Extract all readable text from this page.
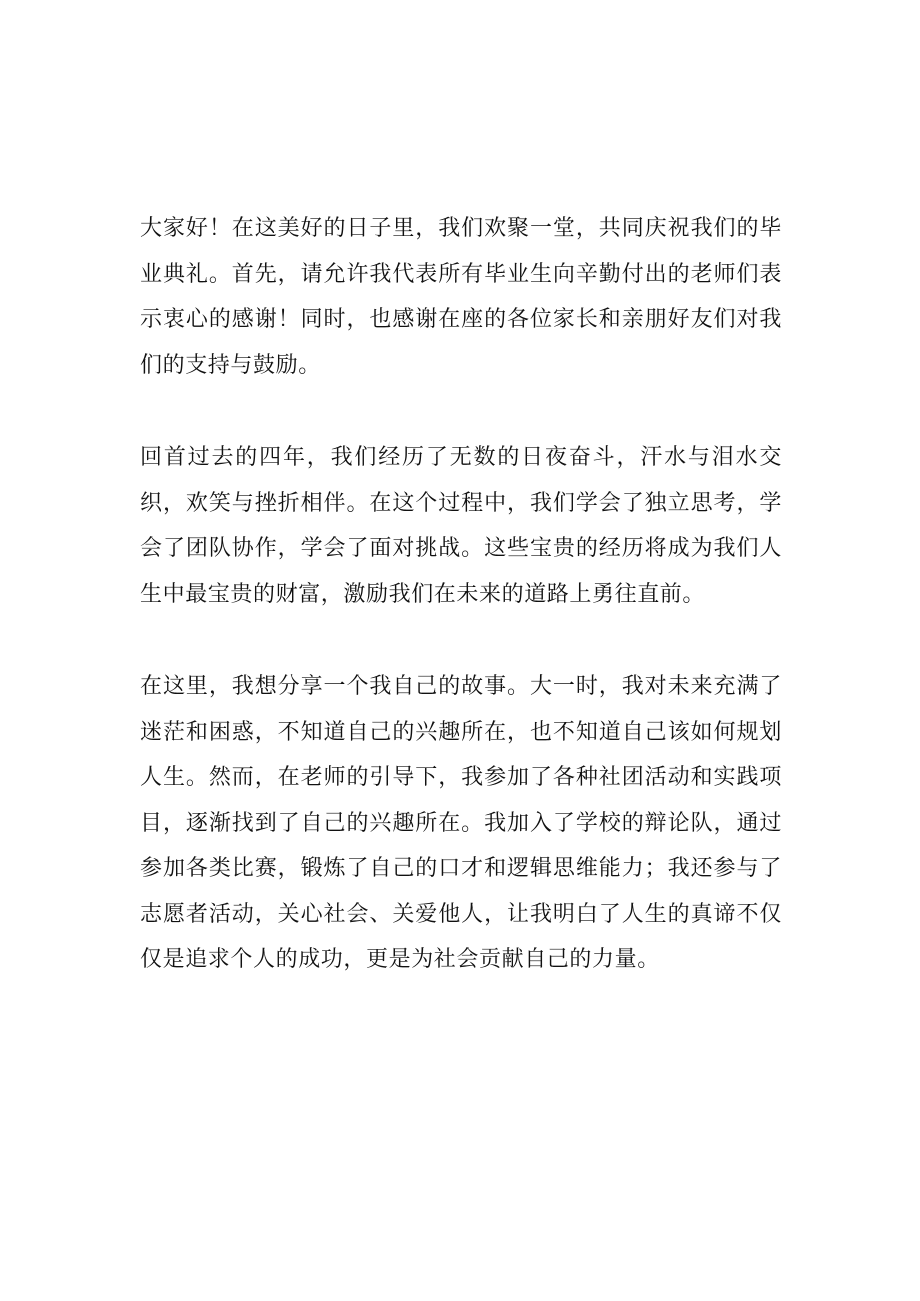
大家好！在这美好的日子里，我们欢聚一堂，共同庆祝我们的毕业典礼。首先，请允许我代表所有毕业生向辛勤付出的老师们表示衷心的感谢！同时，也感谢在座的各位家长和亲朋好友们对我们的支持与鼓励。

回首过去的四年，我们经历了无数的日夜奋斗，汗水与泪水交织，欢笑与挫折相伴。在这个过程中，我们学会了独立思考，学会了团队协作，学会了面对挑战。这些宝贵的经历将成为我们人生中最宝贵的财富，激励我们在未来的道路上勇往直前。

在这里，我想分享一个我自己的故事。大一时，我对未来充满了迷茫和困惑，不知道自己的兴趣所在，也不知道自己该如何规划人生。然而，在老师的引导下，我参加了各种社团活动和实践项目，逐渐找到了自己的兴趣所在。我加入了学校的辩论队，通过参加各类比赛，锻炼了自己的口才和逻辑思维能力；我还参与了志愿者活动，关心社会、关爱他人，让我明白了人生的真谛不仅仅是追求个人的成功，更是为社会贡献自己的力量。
